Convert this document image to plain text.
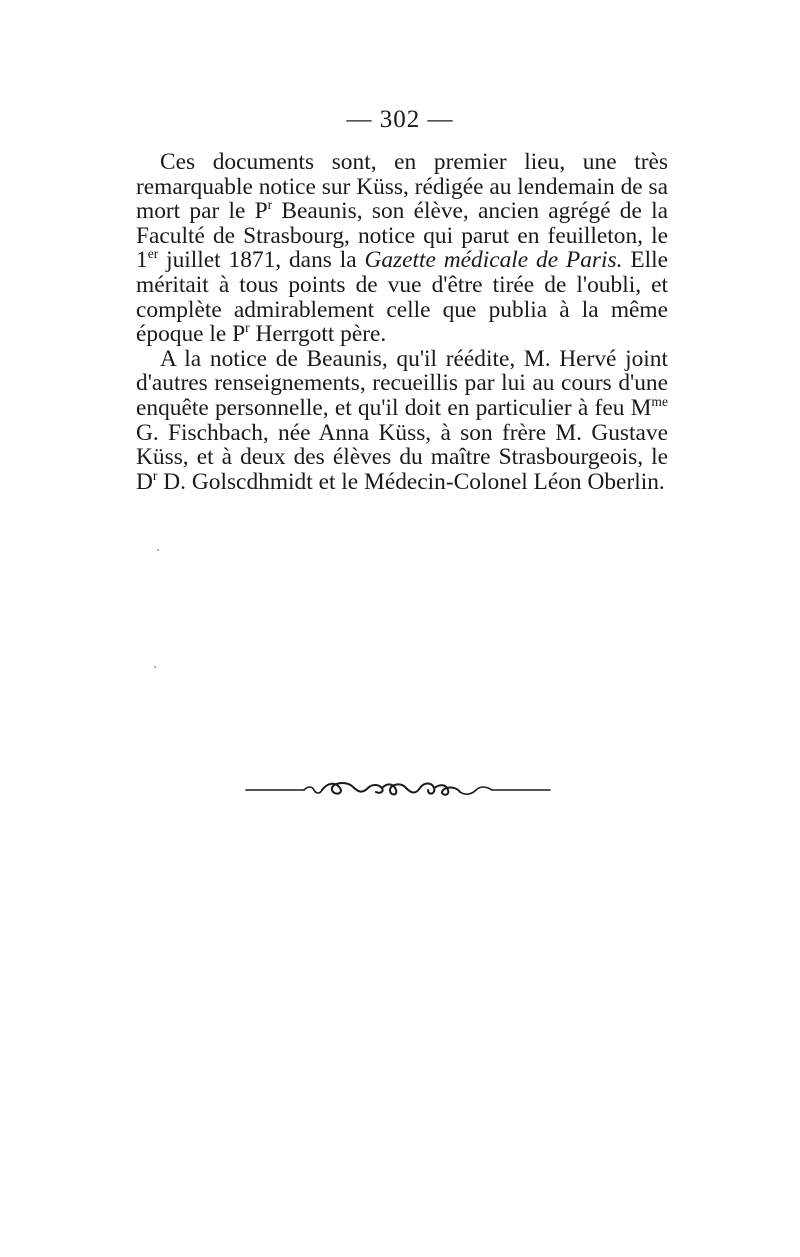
— 302 —

Ces documents sont, en premier lieu, une très remarquable notice sur Küss, rédigée au lendemain de sa mort par le $P^r$ Beaunis, son élève, ancien agrégé de la Faculté de Strasbourg, notice qui parut en feuilleton, le 1er juillet 1871, dans la Gazette médicale de Paris. Elle méritait à tous points de vue d'être tirée de l'oubli, et complète admirablement celle que publia à la même époque le $P^r$ Herrgott père.

A la notice de Beaunis, qu'il réédite, M. Hervé joint d'autres renseignements, recueillis par lui au cours d'une enquête personnelle, et qu'il doit en particulier à feu $M^{me}$ G. Fischbach, née Anna Küss, à son frère M. Gustave Küss, et à deux des élèves du maître Strasbourgeois, le $D^r$ D. Golscdhmidt et le Médecin-Colonel Léon Oberlin.
